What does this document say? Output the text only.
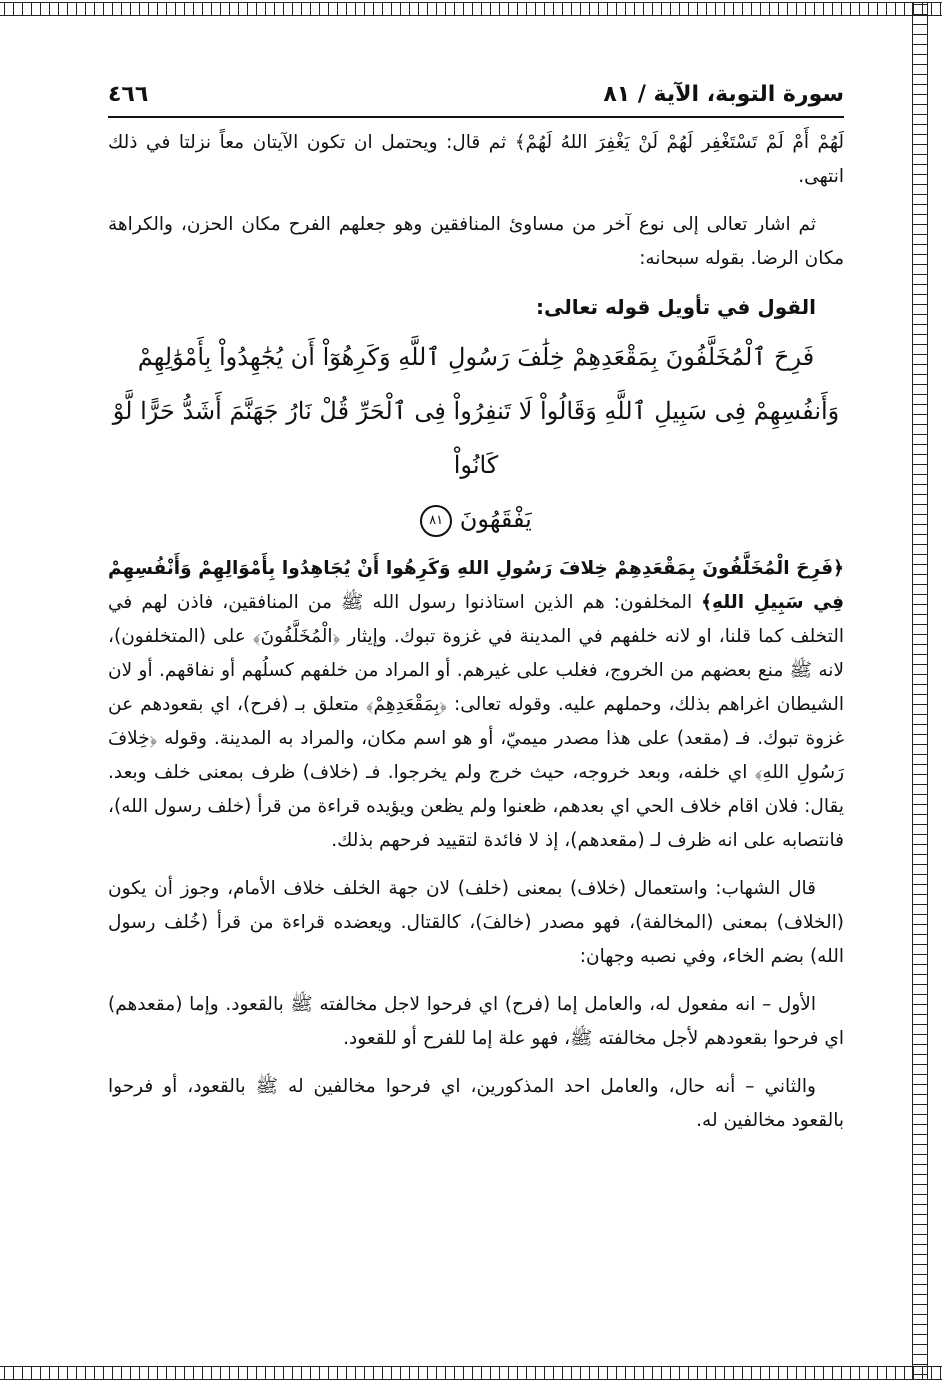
سورة التوبة، الآية / ٨١
٤٦٦

لَهُمْ أَمْ لَمْ تَسْتَغْفِر لَهُمْ لَنْ يَغْفِرَ اللهُ لَهُمْ﴾ ثم قال: ويحتمل ان تكون الآيتان معاً نزلتا في ذلك انتهى.

ثم اشار تعالى إلى نوع آخر من مساوئ المنافقين وهو جعلهم الفرح مكان الحزن، والكراهة مكان الرضا. بقوله سبحانه:

القول في تأويل قوله تعالى:
فَرِحَ ٱلْمُخَلَّفُونَ بِمَقْعَدِهِمْ خِلَٰفَ رَسُولِ ٱللَّهِ وَكَرِهُوٓاْ أَن يُجَٰهِدُواْ بِأَمْوَٰلِهِمْ
وَأَنفُسِهِمْ فِى سَبِيلِ ٱللَّهِ وَقَالُواْ لَا تَنفِرُواْ فِى ٱلْحَرِّ قُلْ نَارُ جَهَنَّمَ أَشَدُّ حَرًّا لَّوْ كَانُواْ
يَفْقَهُونَ ٨١

﴿فَرِحَ الْمُخَلَّفُونَ بِمَقْعَدِهِمْ خِلافَ رَسُولِ اللهِ وَكَرِهُوا أَنْ يُجَاهِدُوا بِأَمْوَالِهِمْ وَأَنْفُسِهِمْ فِي سَبِيلِ اللهِ﴾ المخلفون: هم الذين استاذنوا رسول الله ﷺ من المنافقين، فاذن لهم في التخلف كما قلنا، او لانه خلفهم في المدينة في غزوة تبوك. وإيثار ﴿الْمُخَلَّفُونَ﴾ على (المتخلفون)، لانه ﷺ منع بعضهم من الخروج، فغلب على غيرهم. أو المراد من خلفهم كسلُهم أو نفاقهم. أو لان الشيطان اغراهم بذلك، وحملهم عليه. وقوله تعالى: ﴿بِمَقْعَدِهِمْ﴾ متعلق بـ (فرح)، اي بقعودهم عن غزوة تبوك. فـ (مقعد) على هذا مصدر ميميّ، أو هو اسم مكان، والمراد به المدينة. وقوله ﴿خِلافَ رَسُولِ اللهِ﴾ اي خلفه، وبعد خروجه، حيث خرج ولم يخرجوا. فـ (خلاف) ظرف بمعنى خلف وبعد. يقال: فلان اقام خلاف الحي اي بعدهم، ظعنوا ولم يظعن ويؤيده قراءة من قرأ (خلف رسول الله)، فانتصابه على انه ظرف لـ (مقعدهم)، إذ لا فائدة لتقييد فرحهم بذلك.

قال الشهاب: واستعمال (خلاف) بمعنى (خلف) لان جهة الخلف خلاف الأمام، وجوز أن يكون (الخلاف) بمعنى (المخالفة)، فهو مصدر (خالفَ)، كالقتال. ويعضده قراءة من قرأ (خُلف رسول الله) بضم الخاء، وفي نصبه وجهان:

الأول – انه مفعول له، والعامل إما (فرح) اي فرحوا لاجل مخالفته ﷺ بالقعود. وإما (مقعدهم) اي فرحوا بقعودهم لأجل مخالفته ﷺ، فهو علة إما للفرح أو للقعود.

والثاني – أنه حال، والعامل احد المذكورين، اي فرحوا مخالفين له ﷺ بالقعود، أو فرحوا بالقعود مخالفين له.
